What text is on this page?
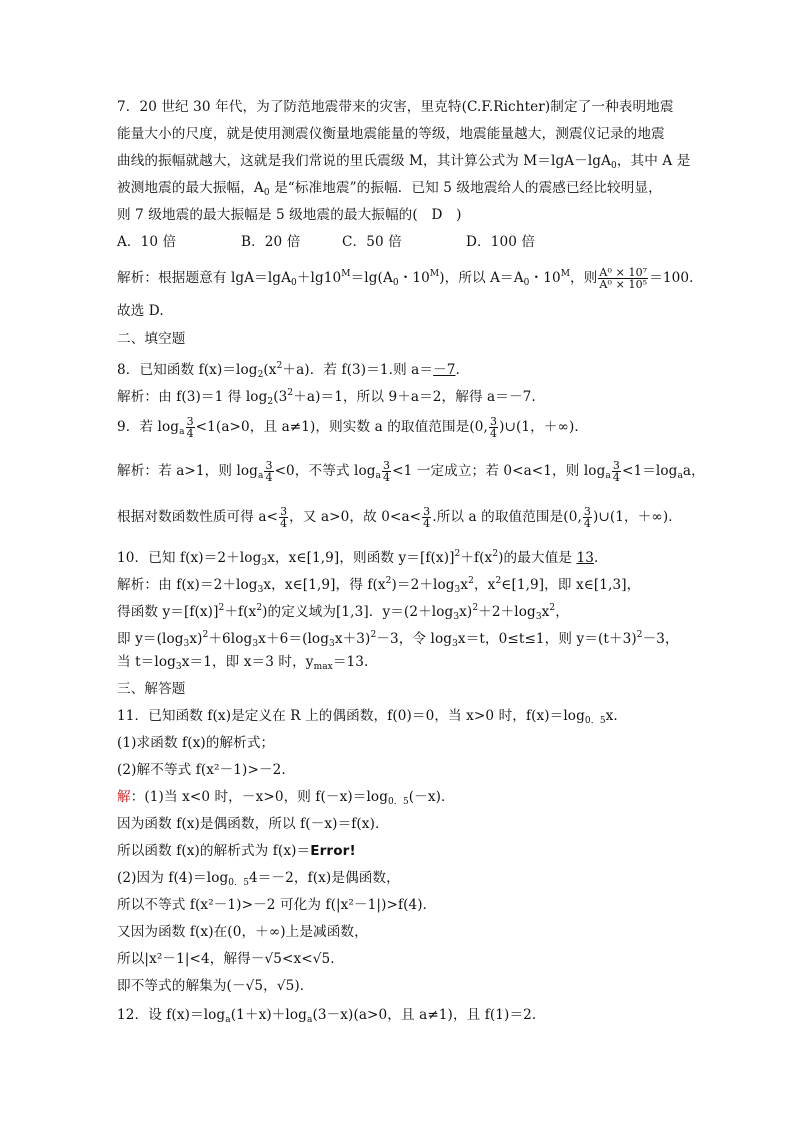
7．20 世纪 30 年代，为了防范地震带来的灾害，里克特(C.F.Richter)制定了一种表明地震
能量大小的尺度，就是使用测震仪衡量地震能量的等级，地震能量越大，测震仪记录的地震
曲线的振幅就越大，这就是我们常说的里氏震级 M，其计算公式为 M＝lgA－lgA$_0$，其中 A 是
被测地震的最大振幅，$A_0$ 是“标准地震”的振幅．已知 5 级地震给人的震感已经比较明显，
则 7 级地震的最大振幅是 5 级地震的最大振幅的(　D　)
A．10 倍	B．20 倍	C．50 倍	D．100 倍
解析：根据题意有 $\lg A=\lg A_0+\lg 10^M=\lg(A_0$・$10^M$)，所以 $A=A_0$・$10^M$，则 $\frac{\text{A⁰ × 10⁷}}{\text{A⁰ × 10⁵}} =100$.
故选 D.
二、填空题
8．已知函数 $f(x)=\log_2(x^2+a)$．若 f(3)＝1.则 a＝－7.
解析：由 f(3)＝1 得 $\log_2(3^2+a)=1$，所以 9＋a＝2，解得 a＝－7.
9．若 $\log_a \frac{3}{4} <1(a>0$，且 a≠1)，则实数 a 的取值范围是(0, $\frac{3}{4}$ )∪(1，＋∞)．
解析：若 a>1，则 $\log_a \frac{3}{4} <0$，不等式 $\log_a \frac{3}{4} <1$ 一定成立；若 0<a<1，则 $\log_a \frac{3}{4} <1=\log_aa$，
根据对数函数性质可得 $a< \frac{3}{4}$ ，又 a>0，故 $0<a< \frac{3}{4}$ .所以 a 的取值范围是(0, $\frac{3}{4}$ )∪(1，＋∞)．
10．已知 $f(x)=2+\log_3x$，x∈[1,9]，则函数 $y=[f(x)]^2+f(x^2)$的最大值是 13.
解析：由 $f(x)=2+\log_3x$，x∈[1,9]，得 $f(x^2)=2+\log_3x^2$，$x^2\in[1,9]$，即 x∈[1,3]，
得函数 $y=[f(x)]^2+f(x^2)$的定义域为[1,3]．$y=(2+\log_3x)^2+2+\log_3x^2$，
即 $y=(\log_3x)^2+6\log_3x+6=(\log_3x+3)^2-3$，令 $\log_3x=t$，0≤t≤1，则 $y=(t+3)^2-3$，
当 $t=\log_3x=1$，即 x＝3 时，$y_{max}=13$.
三、解答题
11．已知函数 f(x)是定义在 R 上的偶函数，f(0)＝0，当 x>0 时，$f(x)=\log_{0.5}x$.
(1)求函数 f(x)的解析式；
(2)解不等式 f(x²－1)>－2.
解：(1)当 x<0 时，－x>0，则 $f(-x)=\log_{0.5}(-x)$．
因为函数 f(x)是偶函数，所以 f(－x)＝f(x)．
所以函数 f(x)的解析式为 f(x)＝Error!
(2)因为 $f(4)=\log_{0.5}4=-2$，f(x)是偶函数，
所以不等式 f(x²－1)>－2 可化为 f(|x²－1|)>f(4)．
又因为函数 f(x)在(0，＋∞)上是减函数，
所以|x²－1|<4，解得－√5<x<√5.
即不等式的解集为(－√5，√5)．
12．设 $f(x)=\log_a(1+x)+\log_a(3-x)(a>0$，且 a≠1)，且 f(1)＝2.
